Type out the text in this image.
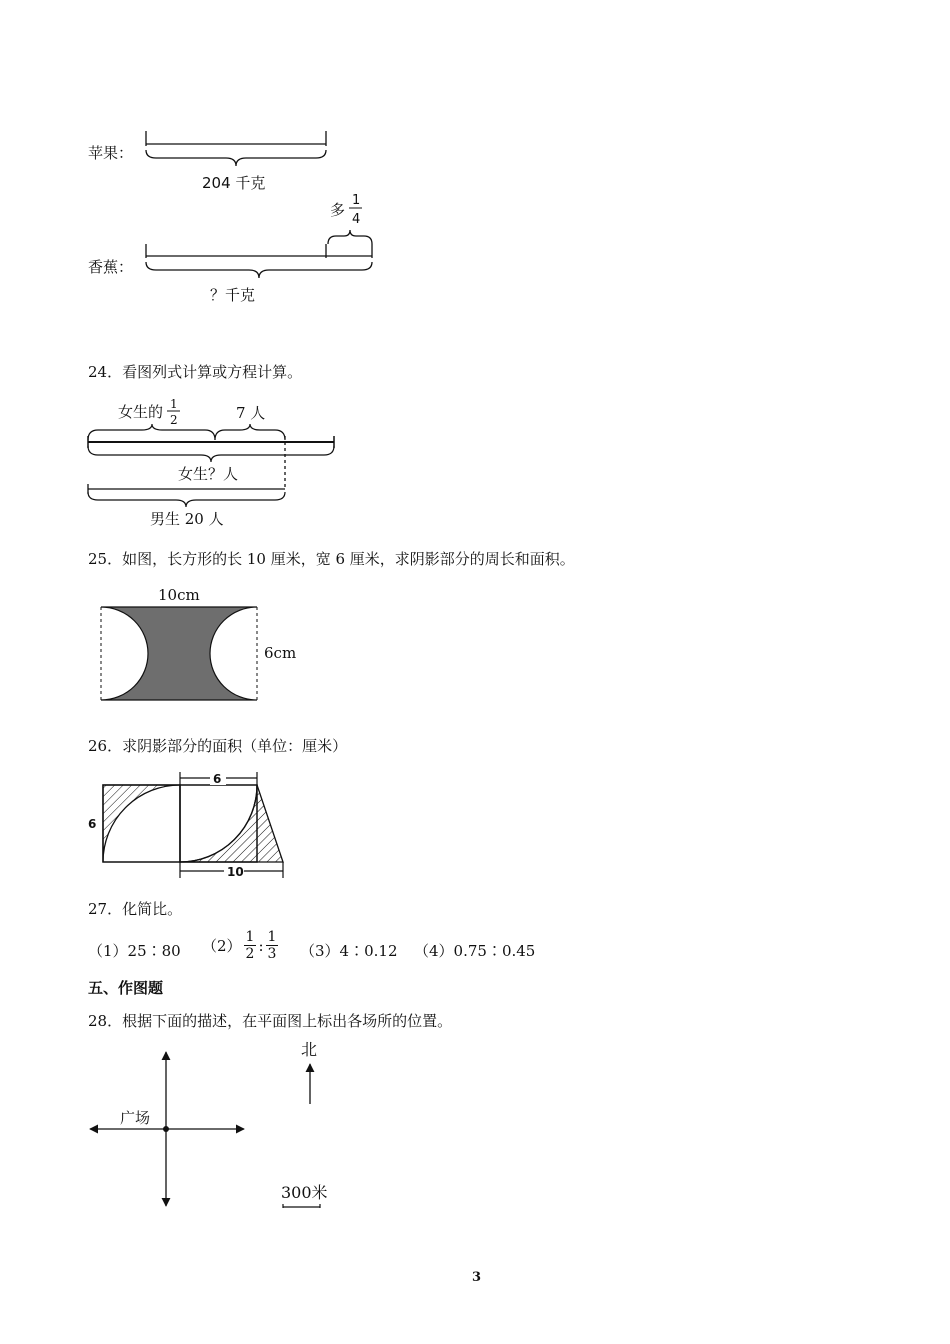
苹果：
香蕉：
204 千克
多
1
4
？千克
24．看图列式计算或方程计算。
女生的 1
2	7 人
女生？人
男生 20 人
25．如图，长方形的长 10 厘米，宽 6 厘米，求阴影部分的周长和面积。
10cm
6cm
26．求阴影部分的面积（单位：厘米）
6
6
10
27．化简比。
（1）25∶80 $(2) \frac{1}{2}$ : $\frac{1}{3}$ （3）4∶0.12 （4）0.75∶0.45
五、作图题
28．根据下面的描述，在平面图上标出各场所的位置。
广场
北
300米
3
